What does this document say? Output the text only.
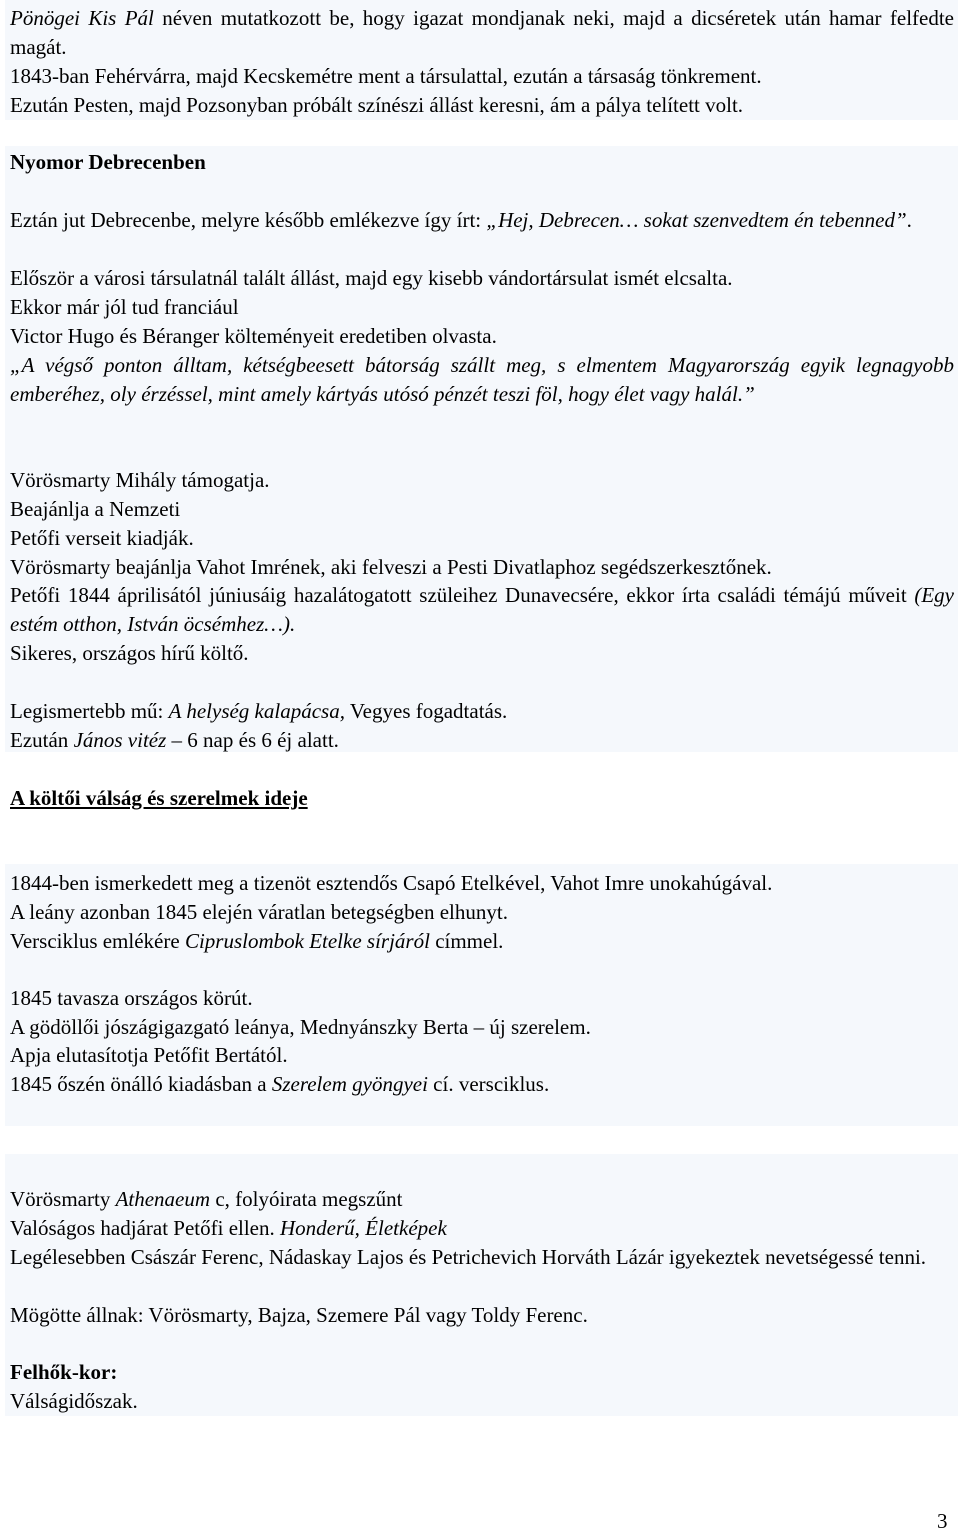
Pönögei Kis Pál néven mutatkozott be, hogy igazat mondjanak neki, majd a dicséretek után hamar felfedte magát.

1843-ban Fehérvárra, majd Kecskemétre ment a társulattal, ezután a társaság tönkrement.

Ezután Pesten, majd Pozsonyban próbált színészi állást keresni, ám a pálya telített volt.

Nyomor Debrecenben

Eztán jut Debrecenbe, melyre később emlékezve így írt: „Hej, Debrecen… sokat szenvedtem én tebenned”.

Először a városi társulatnál talált állást, majd egy kisebb vándortársulat ismét elcsalta.

Ekkor már jól tud franciául

Victor Hugo és Béranger költeményeit eredetiben olvasta.

„A végső ponton álltam, kétségbeesett bátorság szállt meg, s elmentem Magyarország egyik legnagyobb emberéhez, oly érzéssel, mint amely kártyás utósó pénzét teszi föl, hogy élet vagy halál.”

Vörösmarty Mihály támogatja.

Beajánlja a Nemzeti

Petőfi verseit kiadják.

Vörösmarty beajánlja Vahot Imrének, aki felveszi a Pesti Divatlaphoz segédszerkesztőnek.

Petőfi 1844 áprilisától júniusáig hazalátogatott szüleihez Dunavecsére, ekkor írta családi témájú műveit (Egy estém otthon, István öcsémhez…).

Sikeres, országos hírű költő.

Legismertebb mű: A helység kalapácsa, Vegyes fogadtatás.

Ezután János vitéz – 6 nap és 6 éj alatt.

A költői válság és szerelmek ideje

1844-ben ismerkedett meg a tizenöt esztendős Csapó Etelkével, Vahot Imre unokahúgával.

A leány azonban 1845 elején váratlan betegségben elhunyt.

Versciklus emlékére Cipruslombok Etelke sírjáról címmel.

1845 tavasza országos körút.

A gödöllői jószágigazgató leánya, Mednyánszky Berta – új szerelem.

Apja elutasítotja Petőfit Bertától.

1845 őszén önálló kiadásban a Szerelem gyöngyei cí. versciklus.

Vörösmarty Athenaeum c, folyóirata megszűnt

Valóságos hadjárat Petőfi ellen. Honderű, Életképek

Legélesebben Császár Ferenc, Nádaskay Lajos és Petrichevich Horváth Lázár igyekeztek nevetségessé tenni.

Mögötte állnak: Vörösmarty, Bajza, Szemere Pál vagy Toldy Ferenc.

Felhők-kor:

Válságidőszak.

3
